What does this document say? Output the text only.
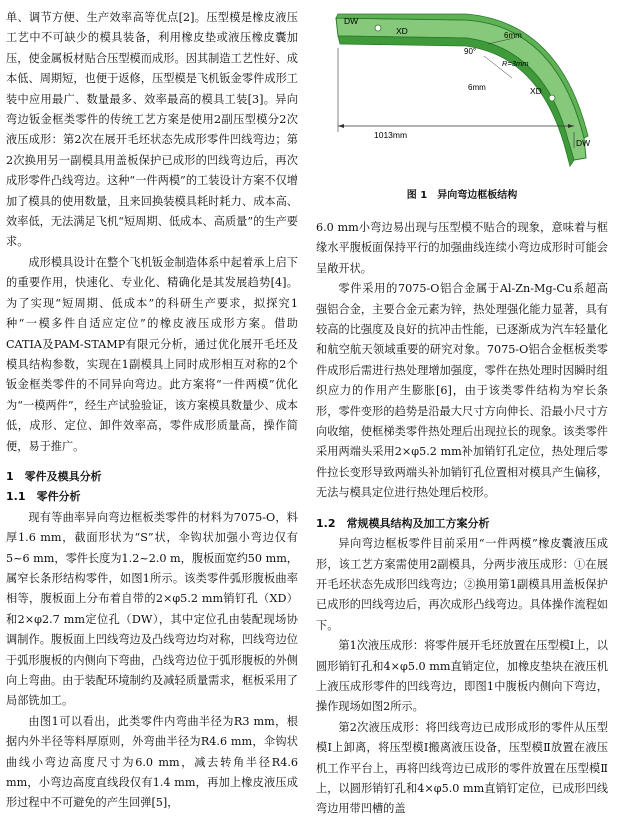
单、调节方便、生产效率高等优点[2]。压型模是橡皮液压工艺中不可缺少的模具装备，利用橡皮垫或液压橡皮囊加压，使金属板材贴合压型模而成形。因其制造工艺性好、成本低、周期短，也便于返修，压型模是飞机钣金零件成形工装中应用最广、数量最多、效率最高的模具工装[3]。异向弯边钣金框类零件的传统工艺方案是使用2副压型模分2次液压成形：第2次在展开毛坯状态先成形零件凹线弯边；第2次换用另一副模具用盖板保护已成形的凹线弯边后，再次成形零件凸线弯边。这种“一件两模”的工装设计方案不仅增加了模具的使用数量，且来回换装模具耗时耗力、成本高、效率低，无法满足飞机“短周期、低成本、高质量”的生产要求。

成形模具设计在整个飞机钣金制造体系中起着承上启下的重要作用，快速化、专业化、精确化是其发展趋势[4]。为了实现“短周期、低成本”的科研生产要求，拟探究1种“一模多件自适应定位”的橡皮液压成形方案。借助CATIA及PAM-STAMP有限元分析，通过优化展开毛坯及模具结构参数，实现在1副模具上同时成形相互对称的2个钣金框类零件的不同异向弯边。此方案将“一件两模”优化为“一模两件”，经生产试验验证，该方案模具数量少、成本低，成形、定位、卸件效率高，零件成形质量高，操作简便，易于推广。

1　零件及模具分析

1.1　零件分析

现有等曲率异向弯边框板类零件的材料为7075-O，料厚1.6 mm，截面形状为“S”状，伞钩状加强小弯边仅有5~6 mm，零件长度为1.2~2.0 m，腹板面宽约50 mm，属窄长条形结构零件，如图1所示。该类零件弧形腹板曲率相等，腹板面上分布着自带的2×φ5.2 mm销钉孔（XD）和2×φ2.7 mm定位孔（DW），其中定位孔由装配现场协调制作。腹板面上凹线弯边及凸线弯边均对称，凹线弯边位于弧形腹板的内侧向下弯曲，凸线弯边位于弧形腹板的外侧向上弯曲。由于装配环境制约及减轻质量需求，框板采用了局部铣加工。

由图1可以看出，此类零件内弯曲半径为R3 mm，根据内外半径等料厚原则，外弯曲半径为R4.6 mm，伞钩状曲线小弯边高度尺寸为6.0 mm，减去转角半径R4.6 mm，小弯边高度直线段仅有1.4 mm，再加上橡皮液压成形过程中不可避免的产生回弹[5]，

DW
XD	6mm
90°
R=3mm
6mm	XD
DW
1013mm
图 1　异向弯边框板结构

6.0 mm小弯边易出现与压型模不贴合的现象，意味着与框缘水平腹板面保持平行的加强曲线连续小弯边成形时可能会呈敞开状。

零件采用的7075-O铝合金属于Al-Zn-Mg-Cu系超高强铝合金，主要合金元素为锌，热处理强化能力显著，具有较高的比强度及良好的抗冲击性能，已逐渐成为汽车轻量化和航空航天领域重要的研究对象。7075-O铝合金框板类零件成形后需进行热处理增加强度，零件在热处理时因瞬时组织应力的作用产生膨胀[6]，由于该类零件结构为窄长条形，零件变形的趋势是沿最大尺寸方向伸长、沿最小尺寸方向收缩，使框梯类零件热处理后出现拉长的现象。该类零件采用两端头采用2×φ5.2 mm补加销钉孔定位，热处理后零件拉长变形导致两端头补加销钉孔位置相对模具产生偏移，无法与模具定位进行热处理后校形。

1.2　常规模具结构及加工方案分析

异向弯边框板零件目前采用“一件两模”橡皮囊液压成形，该工艺方案需使用2副模具，分两步液压成形：①在展开毛坯状态先成形凹线弯边；②换用第1副模具用盖板保护已成形的凹线弯边后，再次成形凸线弯边。具体操作流程如下。

第1次液压成形：将零件展开毛坯放置在压型模Ⅰ上，以圆形销钉孔和4×φ5.0 mm直销定位，加橡皮垫块在液压机上液压成形零件的凹线弯边，即图1中腹板内侧向下弯边，操作现场如图2所示。

第2次液压成形：将凹线弯边已成形成形的零件从压型模Ⅰ上卸离，将压型模Ⅰ搬离液压设备，压型模Ⅱ放置在液压机工作平台上，再将凹线弯边已成形的零件放置在压型模Ⅱ上，以圆形销钉孔和4×φ5.0 mm直销钉定位，已成形凹线弯边用带凹槽的盖
